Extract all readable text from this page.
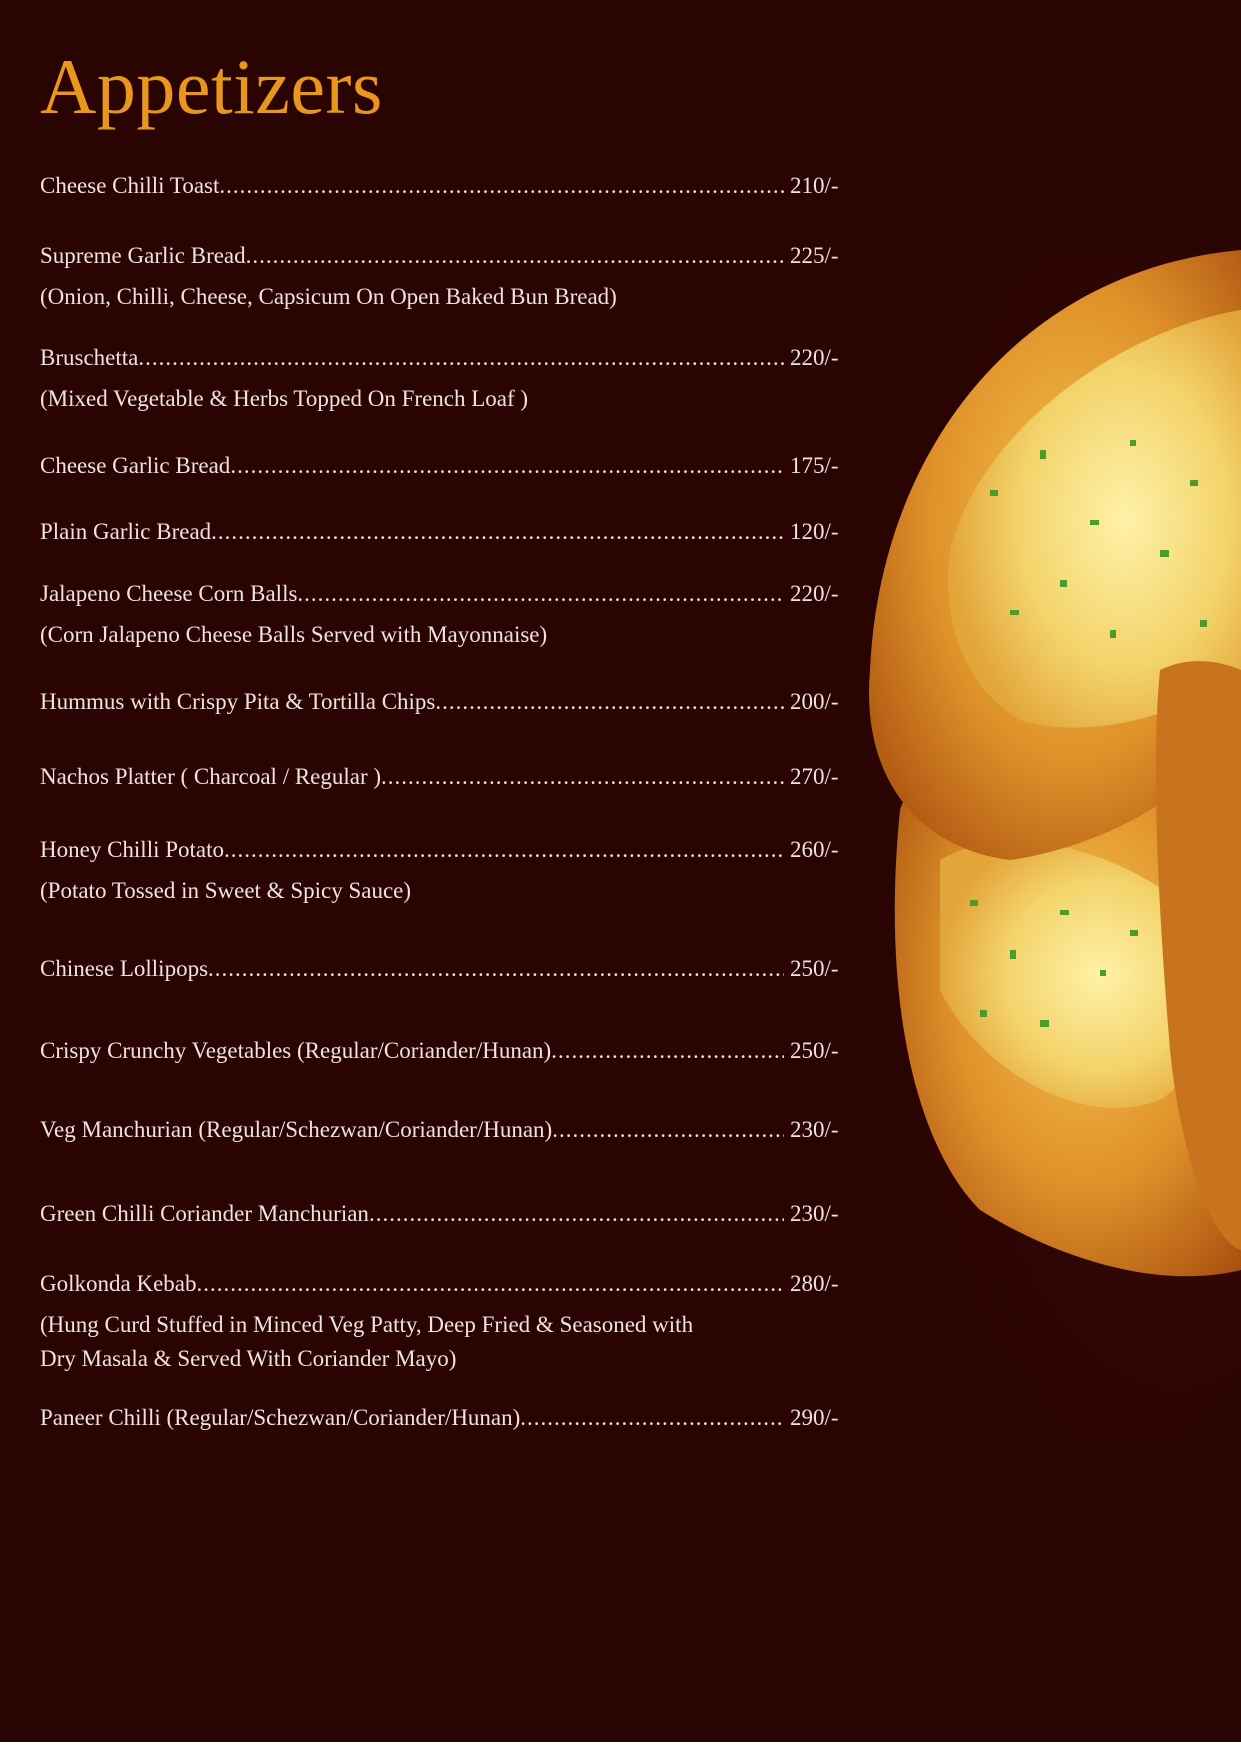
Appetizers
Cheese Chilli Toast .....	210/-
Supreme Garlic Bread .....	225/-
(Onion, Chilli, Cheese, Capsicum On Open Baked Bun Bread)
Bruschetta .....	220/-
(Mixed Vegetable & Herbs Topped On French Loaf )
Cheese Garlic Bread .....	175/-
Plain Garlic Bread .....	120/-
Jalapeno Cheese Corn Balls .....	220/-
(Corn Jalapeno Cheese Balls Served with Mayonnaise)
Hummus with Crispy Pita & Tortilla Chips .....	200/-
Nachos Platter ( Charcoal / Regular ) .....	270/-
Honey Chilli Potato .....	260/-
(Potato Tossed in Sweet & Spicy Sauce)
Chinese Lollipops .....	250/-
Crispy Crunchy Vegetables (Regular/Coriander/Hunan) .....	250/-
Veg Manchurian (Regular/Schezwan/Coriander/Hunan) .....	230/-
Green Chilli Coriander Manchurian .....	230/-
Golkonda Kebab .....	280/-
(Hung Curd Stuffed in Minced Veg Patty, Deep Fried & Seasoned with
Dry Masala & Served With Coriander Mayo)
Paneer Chilli (Regular/Schezwan/Coriander/Hunan) .....	290/-
